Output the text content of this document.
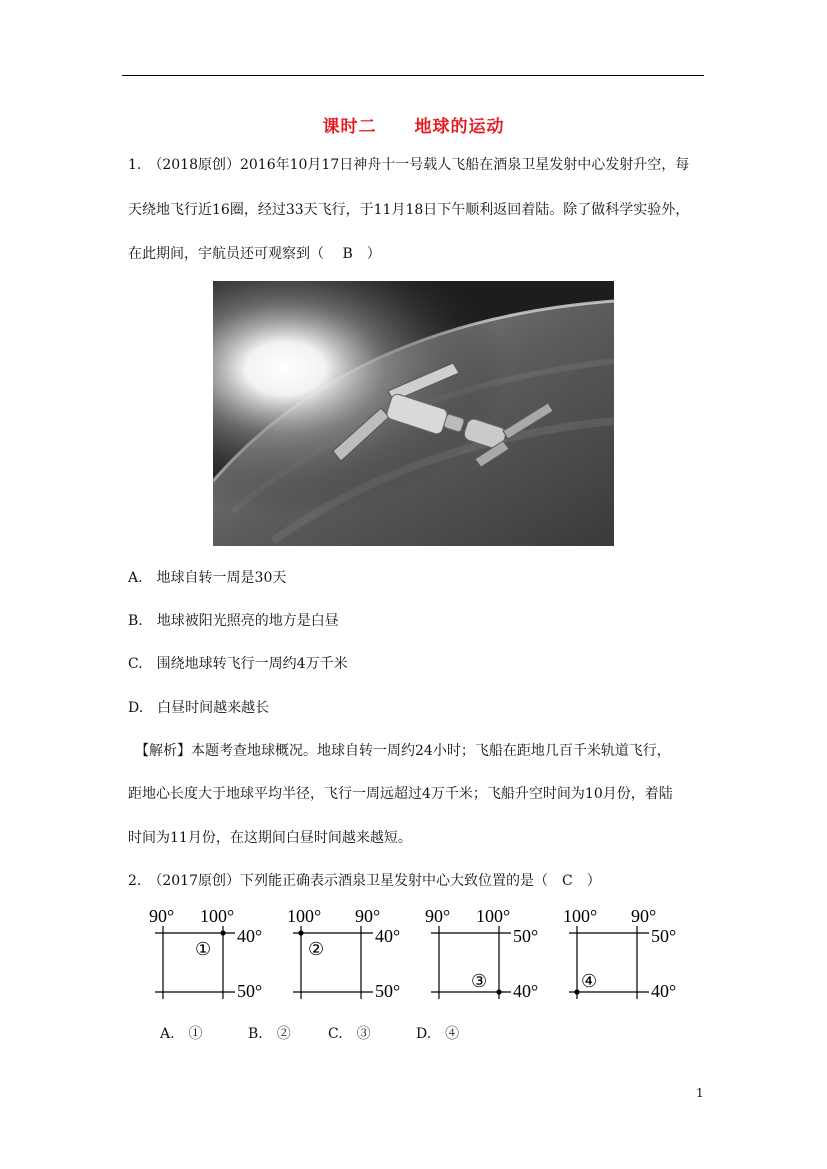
课时二 地球的运动
1.　（2018原创）2016年10月17日神舟十一号载人飞船在酒泉卫星发射中心发射升空，每
天绕地飞行近16圈，经过33天飞行，于11月18日下午顺利返回着陆。除了做科学实验外，
在此期间，宇航员还可观察到（　 B　）
A.　地球自转一周是30天
B.　地球被阳光照亮的地方是白昼
C.　围绕地球转飞行一周约4万千米
D.　白昼时间越来越长
【解析】本题考查地球概况。地球自转一周约24小时；飞船在距地几百千米轨道飞行，
距地心长度大于地球平均半径，飞行一周远超过4万千米；飞船升空时间为10月份，着陆
时间为11月份，在这期间白昼时间越来越短。
2.　（2017原创）下列能正确表示酒泉卫星发射中心大致位置的是（　C　）
90° 100°
①
40°
50°
100° 90°
②
40°
50°
90° 100°
③
50°
40°
100° 90°
④
50°
40°
A.　①	B.　②	C.　③	D.　④
1
